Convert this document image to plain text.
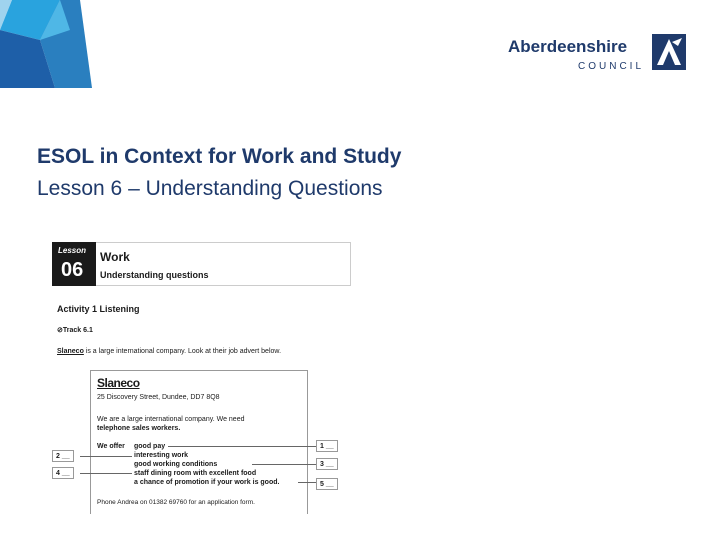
Aberdeenshire
COUNCIL
ESOL in Context for Work and Study
Lesson 6 – Understanding Questions
Lesson
06
Work
Understanding questions
Activity 1 Listening
⊘Track 6.1
Slaneco is a large international company. Look at their job advert below.
Slaneco
25 Discovery Street, Dundee, DD7 8Q8
We are a large international company. We need
telephone sales workers.
We offer good pay
interesting work
good working conditions
staff dining room with excellent food
a chance of promotion if your work is good.
Phone Andrea on 01382 69760 for an application form.
1 __
2 __
3 __
4 __
5 __
